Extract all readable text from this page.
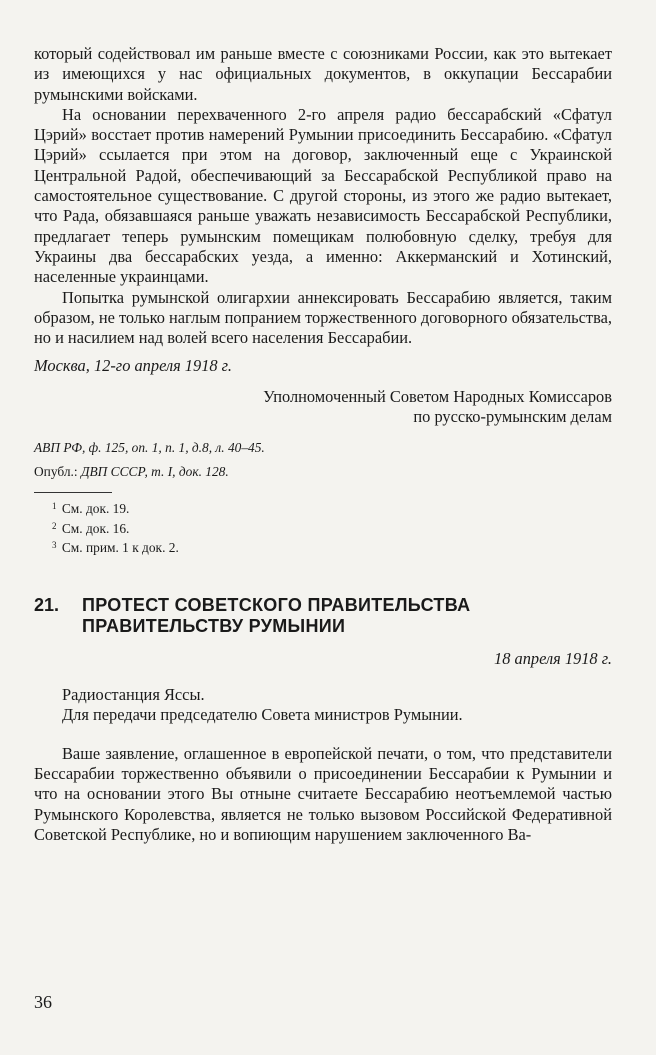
который содействовал им раньше вместе с союзниками России, как это вытекает из имеющихся у нас официальных документов, в оккупации Бессарабии румынскими войсками.

На основании перехваченного 2-го апреля радио бессарабский «Сфатул Цэрий» восстает против намерений Румынии присоединить Бессарабию. «Сфатул Цэрий» ссылается при этом на договор, заключенный еще с Украинской Центральной Радой, обеспечивающий за Бессарабской Республикой право на самостоятельное существование. С другой стороны, из этого же радио вытекает, что Рада, обязавшаяся раньше уважать независимость Бессарабской Республики, предлагает теперь румынским помещикам полюбовную сделку, требуя для Украины два бессарабских уезда, а именно: Аккерманский и Хотинский, населенные украинцами.

Попытка румынской олигархии аннексировать Бессарабию является, таким образом, не только наглым попранием торжественного договорного обязательства, но и насилием над волей всего населения Бессарабии.

Москва, 12-го апреля 1918 г.
Уполномоченный Советом Народных Комиссаров
по русско-румынским делам
АВП РФ, ф. 125, оп. 1, п. 1, д.8, л. 40–45.
Опубл.: ДВП СССР, т. I, док. 128.
$^1$ См. док. 19.
$^2$ См. док. 16.
$^3$ См. прим. 1 к док. 2.
21.	ПРОТЕСТ СОВЕТСКОГО ПРАВИТЕЛЬСТВА ПРАВИТЕЛЬСТВУ РУМЫНИИ
18 апреля 1918 г.

Радиостанция Яссы.

Для передачи председателю Совета министров Румынии.

Ваше заявление, оглашенное в европейской печати, о том, что представители Бессарабии торжественно объявили о присоединении Бессарабии к Румынии и что на основании этого Вы отныне считаете Бессарабию неотъемлемой частью Румынского Королевства, является не только вызовом Российской Федеративной Советской Республике, но и вопиющим нарушением заключенного Ва-

36
